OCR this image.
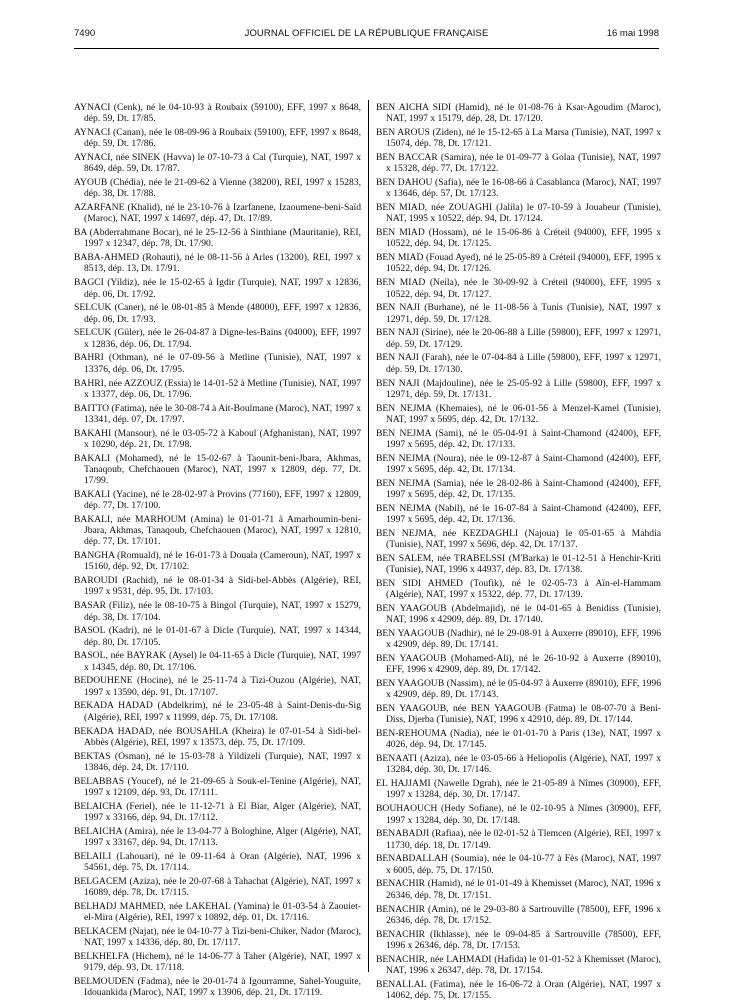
7490	JOURNAL OFFICIEL DE LA RÉPUBLIQUE FRANÇAISE	16 mai 1998

AYNACI (Cenk), né le 04-10-93 à Roubaix (59100), EFF, 1997 x 8648, dép. 59, Dt. 17/85.

AYNACI (Canan), née le 08-09-96 à Roubaix (59100), EFF, 1997 x 8648, dép. 59, Dt. 17/86.

AYNACI, née SINEK (Havva) le 07-10-73 à Cal (Turquie), NAT, 1997 x 8649, dép. 59, Dt. 17/87.

AYOUB (Chédia), née le 21-09-62 à Vienne (38200), REI, 1997 x 15283, dép. 38, Dt. 17/88.

AZARFANE (Khalid), né le 23-10-76 à Izarfanene, Izaoumene-beni-Saïd (Maroc), NAT, 1997 x 14697, dép. 47, Dt. 17/89.

BA (Abderrahmane Bocar), né le 25-12-56 à Sinthiane (Mauritanie), REI, 1997 x 12347, dép. 78, Dt. 17/90.

BABA-AHMED (Rohauti), né le 08-11-56 à Arles (13200), REI, 1997 x 8513, dép. 13, Dt. 17/91.

BAGCI (Yildiz), née le 15-02-65 à Igdir (Turquie), NAT, 1997 x 12836, dép. 06, Dt. 17/92.

SELCUK (Caner), né le 08-01-85 à Mende (48000), EFF, 1997 x 12836, dép. 06, Dt. 17/93.

SELCUK (Güler), née le 26-04-87 à Digne-les-Bains (04000), EFF, 1997 x 12836, dép. 06, Dt. 17/94.

BAHRI (Othman), né le 07-09-56 à Metline (Tunisie), NAT, 1997 x 13376, dép. 06, Dt. 17/95.

BAHRI, née AZZOUZ (Essia) le 14-01-52 à Metline (Tunisie), NAT, 1997 x 13377, dép. 06, Dt. 17/96.

BAITTO (Fatima), née le 30-08-74 à Ait-Boulmane (Maroc), NAT, 1997 x 13341, dép. 07, Dt. 17/97.

BAKAHI (Mansour), né le 03-05-72 à Kaboul (Afghanistan), NAT, 1997 x 10290, dép. 21, Dt. 17/98.

BAKALI (Mohamed), né le 15-02-67 à Taounit-beni-Jbara, Akhmas, Tanaqoub, Chefchaouen (Maroc), NAT, 1997 x 12809, dép. 77, Dt. 17/99.

BAKALI (Yacine), né le 28-02-97 à Provins (77160), EFF, 1997 x 12809, dép. 77, Dt. 17/100.

BAKALI, née MARHOUM (Amina) le 01-01-71 à Amarhoumin-beni-Jbara, Akhmas, Tanaqoub, Chefchaouen (Maroc), NAT, 1997 x 12810, dép. 77, Dt. 17/101.

BANGHA (Romuald), né le 16-01-73 à Douala (Cameroun), NAT, 1997 x 15160, dép. 92, Dt. 17/102.

BAROUDI (Rachid), né le 08-01-34 à Sidi-bel-Abbès (Algérie), REI, 1997 x 9531, dép. 95, Dt. 17/103.

BASAR (Filiz), née le 08-10-75 à Bingol (Turquie), NAT, 1997 x 15279, dép. 38, Dt. 17/104.

BASOL (Kadri), né le 01-01-67 à Dicle (Turquie), NAT, 1997 x 14344, dép. 80, Dt. 17/105.

BASOL, née BAYRAK (Aysel) le 04-11-65 à Dicle (Turquie), NAT, 1997 x 14345, dép. 80, Dt. 17/106.

BEDOUHENE (Hocine), né le 25-11-74 à Tizi-Ouzou (Algérie), NAT, 1997 x 13590, dép. 91, Dt. 17/107.

BEKADA HADAD (Abdelkrim), né le 23-05-48 à Saint-Denis-du-Sig (Algérie), REI, 1997 x 11999, dép. 75, Dt. 17/108.

BEKADA HADAD, née BOUSAHLA (Kheira) le 07-01-54 à Sidi-bel-Abbès (Algérie), REI, 1997 x 13573, dép. 75, Dt. 17/109.

BEKTAS (Osman), né le 15-03-78 à Yildizeli (Turquie), NAT, 1997 x 13846, dép. 24, Dt. 17/110.

BELABBAS (Youcef), né le 21-09-65 à Souk-el-Tenine (Algérie), NAT, 1997 x 12109, dép. 93, Dt. 17/111.

BELAICHA (Feriel), née le 11-12-71 à El Biar, Alger (Algérie), NAT, 1997 x 33166, dép. 94, Dt. 17/112.

BELAICHA (Amira), née le 13-04-77 à Bologhine, Alger (Algérie), NAT, 1997 x 33167, dép. 94, Dt. 17/113.

BELAILI (Lahouari), né le 09-11-64 à Oran (Algérie), NAT, 1996 x 54561, dép. 75, Dt. 17/114.

BELGACEM (Aziza), née le 20-07-68 à Tahachat (Algérie), NAT, 1997 x 16089, dép. 78, Dt. 17/115.

BELHADJ MAHMED, née LAKEHAL (Yamina) le 01-03-54 à Zaouiet-el-Mira (Algérie), REI, 1997 x 10892, dép. 01, Dt. 17/116.

BELKACEM (Najat), née le 04-10-77 à Tizi-beni-Chiker, Nador (Maroc), NAT, 1997 x 14336, dép. 80, Dt. 17/117.

BELKHELFA (Hichem), né le 14-06-77 à Taher (Algérie), NAT, 1997 x 9179, dép. 93, Dt. 17/118.

BELMOUDEN (Fadma), née le 20-01-74 à Igourramne, Sahel-Youguite, Idouankida (Maroc), NAT, 1997 x 13906, dép. 21, Dt. 17/119.

BEN AICHA SIDI (Hamid), né le 01-08-76 à Ksar-Agoudim (Maroc), NAT, 1997 x 15179, dép. 28, Dt. 17/120.

BEN AROUS (Ziden), né le 15-12-65 à La Marsa (Tunisie), NAT, 1997 x 15074, dép. 78, Dt. 17/121.

BEN BACCAR (Samira), née le 01-09-77 à Golaa (Tunisie), NAT, 1997 x 15328, dép. 77, Dt. 17/122.

BEN DAHOU (Safia), née le 16-08-66 à Casablanca (Maroc), NAT, 1997 x 13646, dép. 57, Dt. 17/123.

BEN MIAD, née ZOUAGHI (Jalila) le 07-10-59 à Jouabeur (Tunisie), NAT, 1995 x 10522, dép. 94, Dt. 17/124.

BEN MIAD (Hossam), né le 15-06-86 à Créteil (94000), EFF, 1995 x 10522, dép. 94, Dt. 17/125.

BEN MIAD (Fouad Ayed), né le 25-05-89 à Créteil (94000), EFF, 1995 x 10522, dép. 94, Dt. 17/126.

BEN MIAD (Neila), née le 30-09-92 à Créteil (94000), EFF, 1995 x 10522, dép. 94, Dt. 17/127.

BEN NAJI (Burhane), né le 11-08-56 à Tunis (Tunisie), NAT, 1997 x 12971, dép. 59, Dt. 17/128.

BEN NAJI (Sirine), née le 20-06-88 à Lille (59800), EFF, 1997 x 12971, dép. 59, Dt. 17/129.

BEN NAJI (Farah), née le 07-04-84 à Lille (59800), EFF, 1997 x 12971, dép. 59, Dt. 17/130.

BEN NAJI (Majdouline), née le 25-05-92 à Lille (59800), EFF, 1997 x 12971, dép. 59, Dt. 17/131.

BEN NEJMA (Khemaies), né le 06-01-56 à Menzel-Kamel (Tunisie), NAT, 1997 x 5695, dép. 42, Dt. 17/132.

BEN NEJMA (Sami), né le 05-04-91 à Saint-Chamond (42400), EFF, 1997 x 5695, dép. 42, Dt. 17/133.

BEN NEJMA (Noura), née le 09-12-87 à Saint-Chamond (42400), EFF, 1997 x 5695, dép. 42, Dt. 17/134.

BEN NEJMA (Samia), née le 28-02-86 à Saint-Chamond (42400), EFF, 1997 x 5695, dép. 42, Dt. 17/135.

BEN NEJMA (Nabil), né le 16-07-84 à Saint-Chamond (42400), EFF, 1997 x 5695, dép. 42, Dt. 17/136.

BEN NEJMA, née KEZDAGHLI (Najoua) le 05-01-65 à Mahdia (Tunisie), NAT, 1997 x 5696, dép. 42, Dt. 17/137.

BEN SALEM, née TRABELSSI (M'Barka) le 01-12-51 à Henchir-Kriti (Tunisie), NAT, 1996 x 44937, dép. 83, Dt. 17/138.

BEN SIDI AHMED (Toufik), né le 02-05-73 à Aïn-el-Hammam (Algérie), NAT, 1997 x 15322, dép. 77, Dt. 17/139.

BEN YAAGOUB (Abdelmajid), né le 04-01-65 à Benidiss (Tunisie), NAT, 1996 x 42909, dép. 89, Dt. 17/140.

BEN YAAGOUB (Nadhir), né le 29-08-91 à Auxerre (89010), EFF, 1996 x 42909, dép. 89, Dt. 17/141.

BEN YAAGOUB (Mohamed-Ali), né le 26-10-92 à Auxerre (89010), EFF, 1996 x 42909, dép. 89, Dt. 17/142.

BEN YAAGOUB (Nassim), né le 05-04-97 à Auxerre (89010), EFF, 1996 x 42909, dép. 89, Dt. 17/143.

BEN YAAGOUB, née BEN YAAGOUB (Fatma) le 08-07-70 à Beni-Diss, Djerba (Tunisie), NAT, 1996 x 42910, dép. 89, Dt. 17/144.

BEN-REHOUMA (Nadia), née le 01-01-70 à Paris (13e), NAT, 1997 x 4026, dép. 94, Dt. 17/145.

BENAATI (Aziza), née le 03-05-66 à Heliopolis (Algérie), NAT, 1997 x 13284, dép. 30, Dt. 17/146.

EL HAJJAMI (Nawelle Dgrah), née le 21-05-89 à Nîmes (30900), EFF, 1997 x 13284, dép. 30, Dt. 17/147.

BOUHAOUCH (Hedy Sofiane), né le 02-10-95 à Nîmes (30900), EFF, 1997 x 13284, dép. 30, Dt. 17/148.

BENABADJI (Rafiaa), née le 02-01-52 à Tlemcen (Algérie), REI, 1997 x 11730, dép. 18, Dt. 17/149.

BENABDALLAH (Soumia), née le 04-10-77 à Fès (Maroc), NAT, 1997 x 6005, dép. 75, Dt. 17/150.

BENACHIR (Hamid), né le 01-01-49 à Khemisset (Maroc), NAT, 1996 x 26346, dép. 78, Dt. 17/151.

BENACHIR (Amin), né le 29-03-80 à Sartrouville (78500), EFF, 1996 x 26346, dép. 78, Dt. 17/152.

BENACHIR (Ikhlasse), née le 09-04-85 à Sartrouville (78500), EFF, 1996 x 26346, dép. 78, Dt. 17/153.

BENACHIR, née LAHMADI (Hafida) le 01-01-52 à Khemisset (Maroc), NAT, 1996 x 26347, dép. 78, Dt. 17/154.

BENALLAL (Fatima), née le 16-06-72 à Oran (Algérie), NAT, 1997 x 14062, dép. 75, Dt. 17/155.
